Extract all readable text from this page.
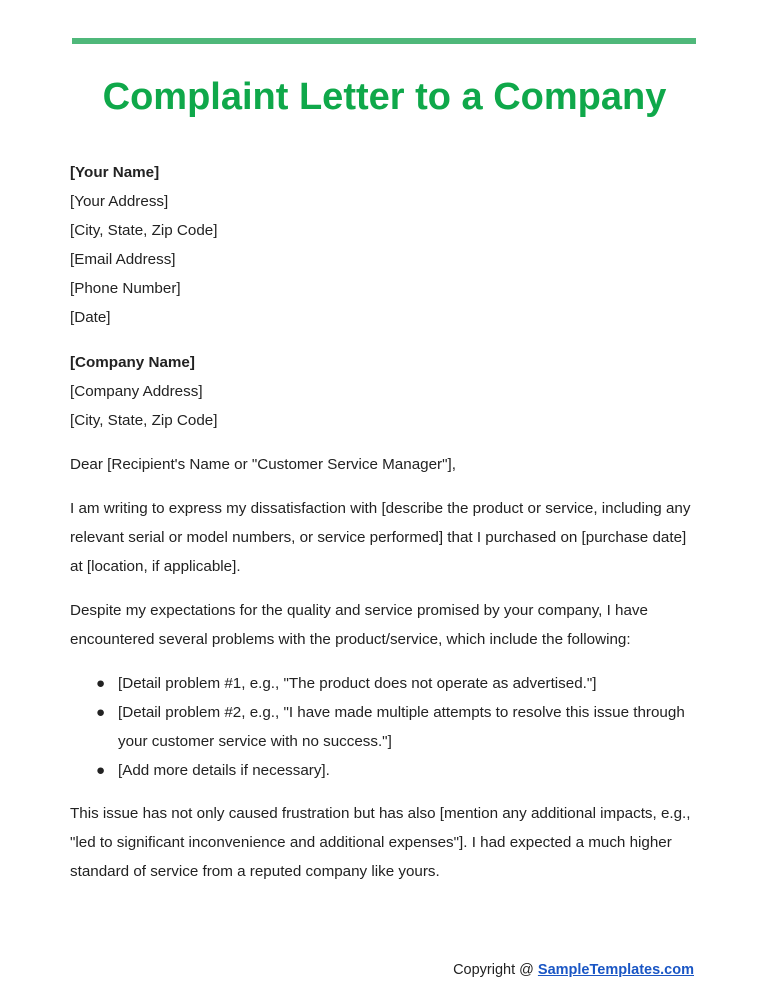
Complaint Letter to a Company
[Your Name]
[Your Address]
[City, State, Zip Code]
[Email Address]
[Phone Number]
[Date]
[Company Name]
[Company Address]
[City, State, Zip Code]

Dear [Recipient's Name or "Customer Service Manager"],

I am writing to express my dissatisfaction with [describe the product or service, including any relevant serial or model numbers, or service performed] that I purchased on [purchase date] at [location, if applicable].

Despite my expectations for the quality and service promised by your company, I have encountered several problems with the product/service, which include the following:

● [Detail problem #1, e.g., "The product does not operate as advertised."]
● [Detail problem #2, e.g., "I have made multiple attempts to resolve this issue through your customer service with no success."]
● [Add more details if necessary].

This issue has not only caused frustration but has also [mention any additional impacts, e.g., "led to significant inconvenience and additional expenses"]. I had expected a much higher standard of service from a reputed company like yours.

Copyright @ SampleTemplates.com
